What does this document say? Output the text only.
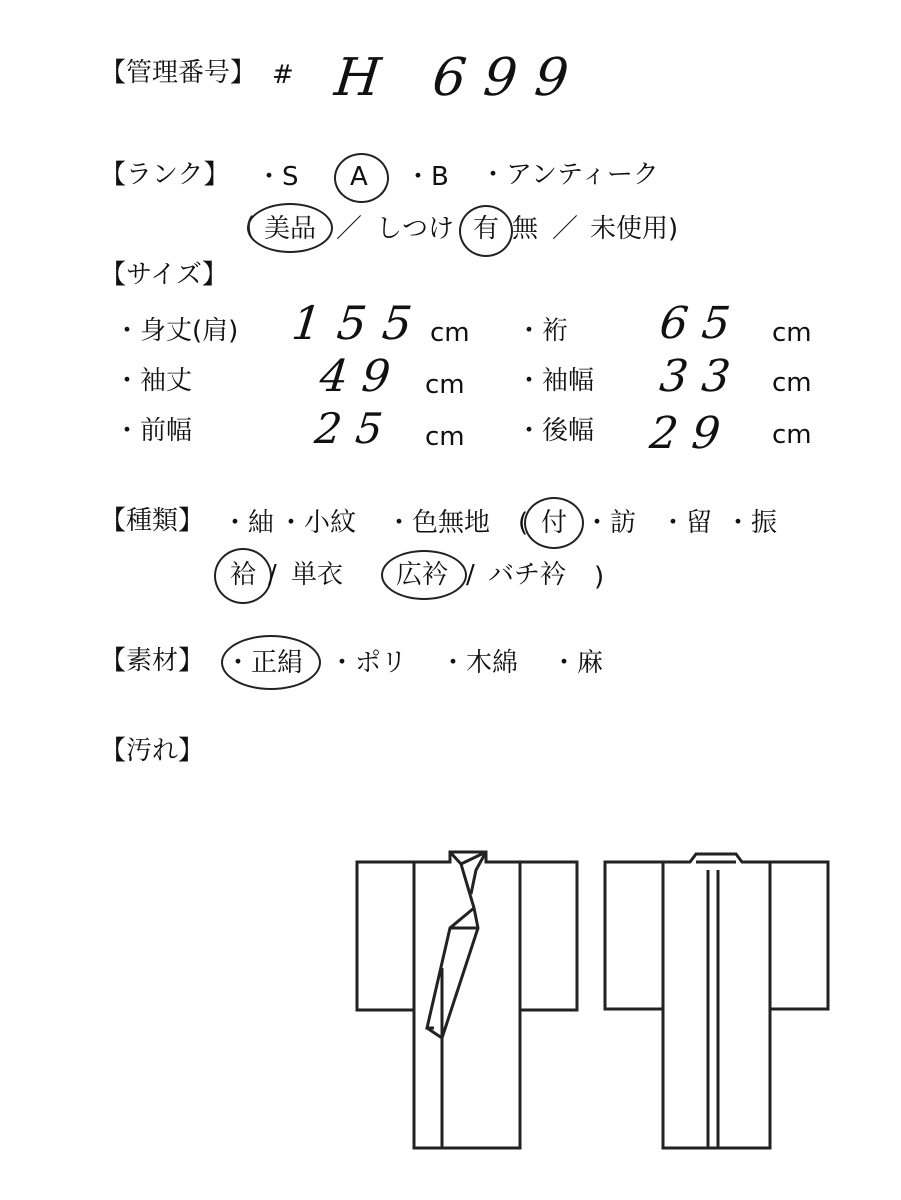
【管理番号】 # H 699
【ランク】 ・S A ・B ・アンティーク
( 美品 ／ しつけ 有 無 ／ 未使用)
【サイズ】
・身丈(肩) 155 cm ・裄 65 cm
・袖丈	49 cm ・袖幅 33 cm
・前幅	25 cm ・後幅 29 cm
【種類】 ・紬 ・小紋 ・色無地 ( 付 ・訪 ・留 ・振
袷 / 単衣 広衿 / バチ衿 )
【素材】 ・正絹 ・ポリ ・木綿 ・麻
【汚れ】
